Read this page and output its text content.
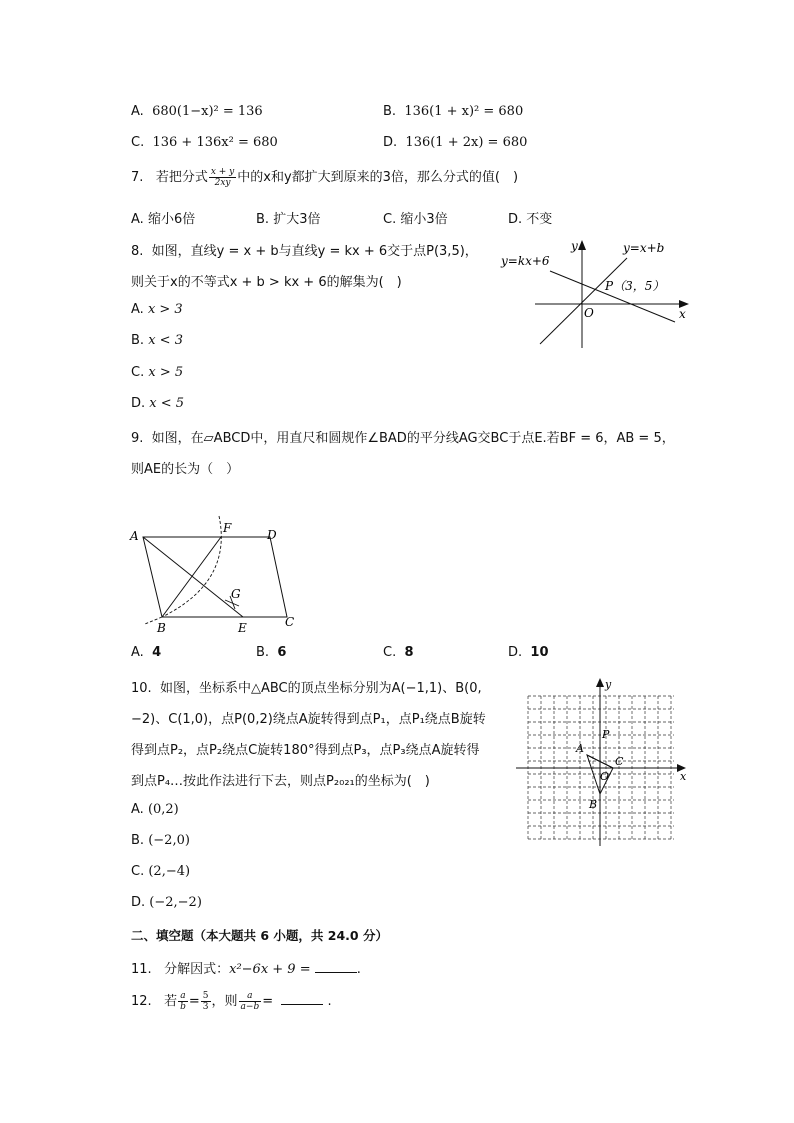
A. 680(1−x)² = 136	B. 136(1 + x)² = 680
C. 136 + 136x² = 680	D. 136(1 + 2x) = 680
7. 若把分式 $\frac{x + y}{2xy}$ 中的x和y都扩大到原来的3倍，那么分式的值(　)
A. 缩小6倍	B. 扩大3倍	C. 缩小3倍	D. 不变
8. 如图，直线y = x + b与直线y = kx + 6交于点P(3,5)，
则关于x的不等式x + b > kx + 6的解集为(　)
A. x > 3
B. x < 3
C. x > 5
D. x < 5
y=kx+6
y=x+b
y
x
O
P（3，5）
9. 如图，在▱ABCD中，用直尺和圆规作∠BAD的平分线AG交BC于点E.若BF = 6，AB = 5，
则AE的长为（　）
A
F	D
G
B	E	C
A. 4	B. 6	C. 8	D. 10
10. 如图，坐标系中△ABC的顶点坐标分别为A(−1,1)、B(0,
−2)、C(1,0)，点P(0,2)绕点A旋转得到点P₁，点P₁绕点B旋转
得到点P₂，点P₂绕点C旋转180°得到点P₃，点P₃绕点A旋转得
到点P₄…按此作法进行下去，则点P₂₀₂₁的坐标为(　)
A. (0,2)
B. (−2,0)
C. (2,−4)
D. (−2,−2)
y
x
P
A
C
O
B
二、填空题（本大题共 6 小题，共 24.0 分）
11. 分解因式：x²−6x + 9 =	.
12. 若 $\frac{a}{b} = \frac{5}{3}$ ，则 $\frac{a}{a-b}$ =	.
